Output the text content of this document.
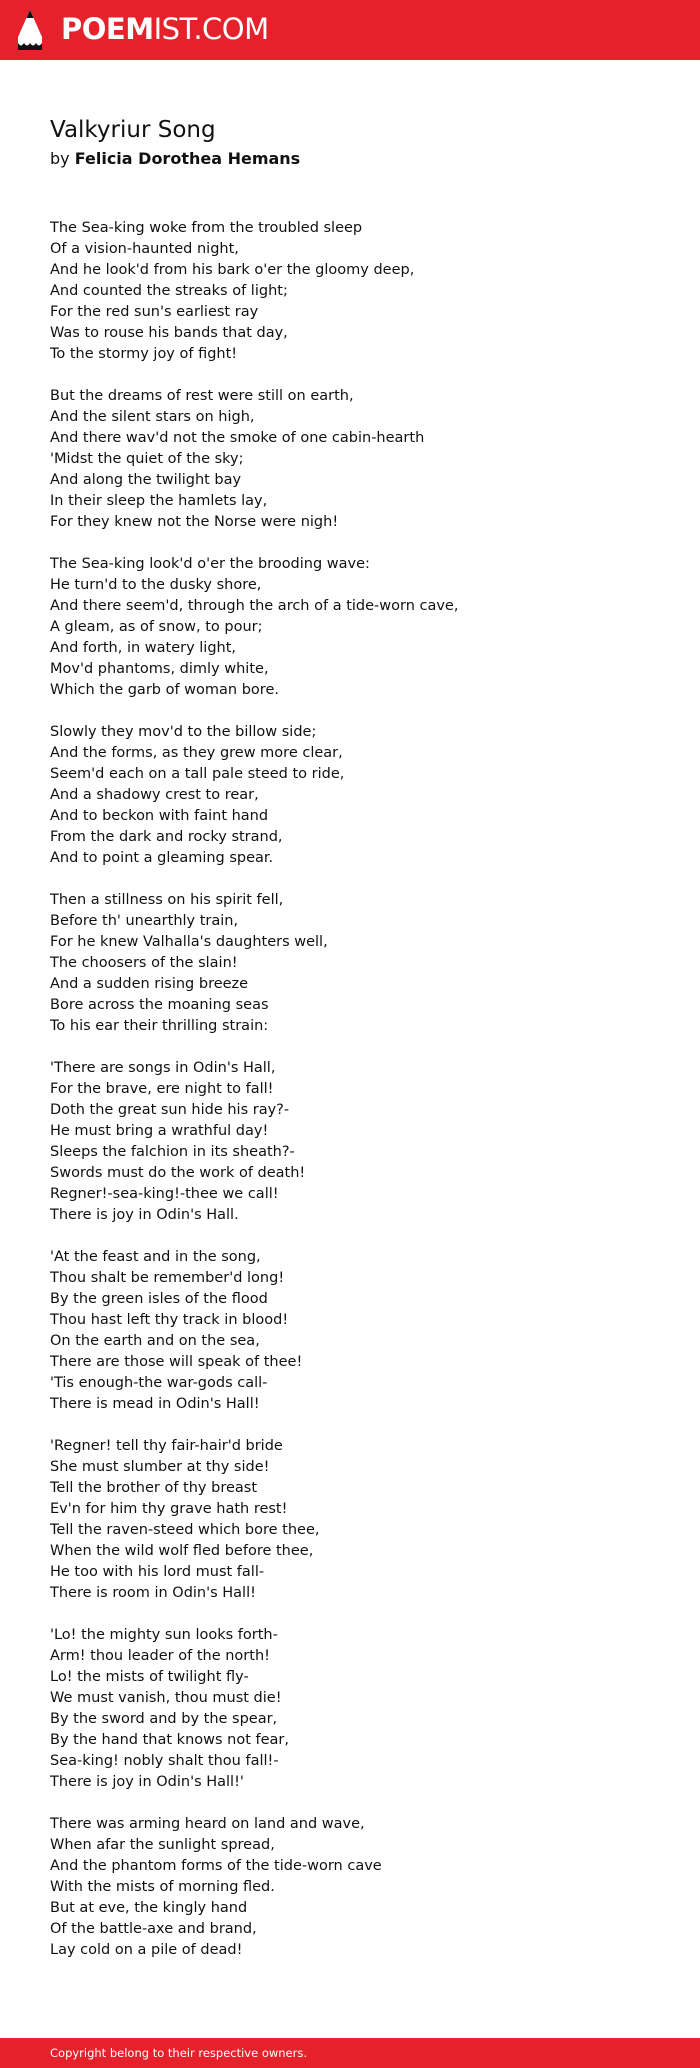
POEMIST.COM
Valkyriur Song

by Felicia Dorothea Hemans

The Sea-king woke from the troubled sleep
Of a vision-haunted night,
And he look'd from his bark o'er the gloomy deep,
And counted the streaks of light;
For the red sun's earliest ray
Was to rouse his bands that day,
To the stormy joy of fight!
But the dreams of rest were still on earth,
And the silent stars on high,
And there wav'd not the smoke of one cabin-hearth
'Midst the quiet of the sky;
And along the twilight bay
In their sleep the hamlets lay,
For they knew not the Norse were nigh!
The Sea-king look'd o'er the brooding wave:
He turn'd to the dusky shore,
And there seem'd, through the arch of a tide-worn cave,
A gleam, as of snow, to pour;
And forth, in watery light,
Mov'd phantoms, dimly white,
Which the garb of woman bore.
Slowly they mov'd to the billow side;
And the forms, as they grew more clear,
Seem'd each on a tall pale steed to ride,
And a shadowy crest to rear,
And to beckon with faint hand
From the dark and rocky strand,
And to point a gleaming spear.
Then a stillness on his spirit fell,
Before th' unearthly train,
For he knew Valhalla's daughters well,
The choosers of the slain!
And a sudden rising breeze
Bore across the moaning seas
To his ear their thrilling strain:
'There are songs in Odin's Hall,
For the brave, ere night to fall!
Doth the great sun hide his ray?-
He must bring a wrathful day!
Sleeps the falchion in its sheath?-
Swords must do the work of death!
Regner!-sea-king!-thee we call!
There is joy in Odin's Hall.
'At the feast and in the song,
Thou shalt be remember'd long!
By the green isles of the flood
Thou hast left thy track in blood!
On the earth and on the sea,
There are those will speak of thee!
'Tis enough-the war-gods call-
There is mead in Odin's Hall!
'Regner! tell thy fair-hair'd bride
She must slumber at thy side!
Tell the brother of thy breast
Ev'n for him thy grave hath rest!
Tell the raven-steed which bore thee,
When the wild wolf fled before thee,
He too with his lord must fall-
There is room in Odin's Hall!
'Lo! the mighty sun looks forth-
Arm! thou leader of the north!
Lo! the mists of twilight fly-
We must vanish, thou must die!
By the sword and by the spear,
By the hand that knows not fear,
Sea-king! nobly shalt thou fall!-
There is joy in Odin's Hall!'
There was arming heard on land and wave,
When afar the sunlight spread,
And the phantom forms of the tide-worn cave
With the mists of morning fled.
But at eve, the kingly hand
Of the battle-axe and brand,
Lay cold on a pile of dead!
Copyright belong to their respective owners.
